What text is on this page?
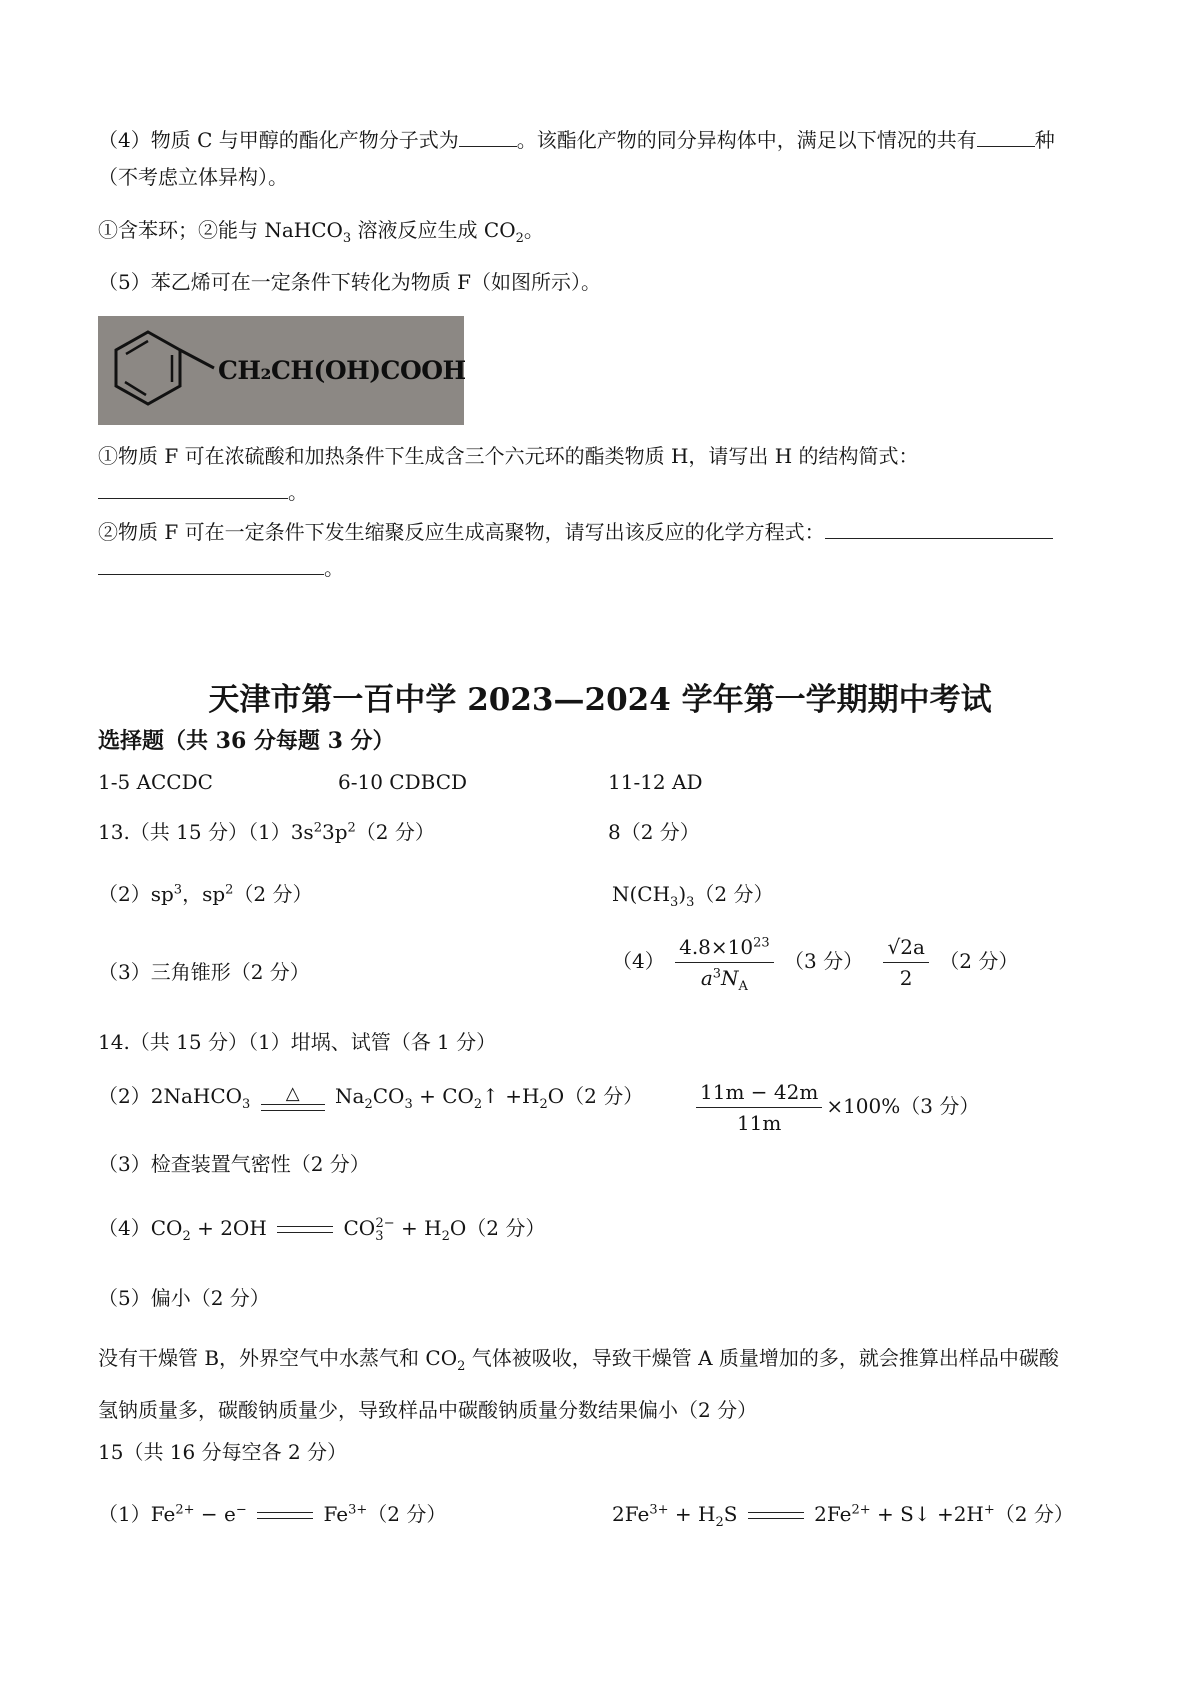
（4）物质 C 与甲醇的酯化产物分子式为	。该酯化产物的同分异构体中，满足以下情况的共有	种
（不考虑立体异构）。
①含苯环；②能与 NaHCO$_3$ 溶液反应生成 $CO_2$。
（5）苯乙烯可在一定条件下转化为物质 F（如图所示）。
CH₂CH(OH)COOH
①物质 F 可在浓硫酸和加热条件下生成含三个六元环的酯类物质 H，请写出 H 的结构简式：
。
②物质 F 可在一定条件下发生缩聚反应生成高聚物，请写出该反应的化学方程式：
。
天津市第一百中学 2023—2024 学年第一学期期中考试
选择题（共 36 分每题 3 分）
1-5 ACCDC	6-10 CDBCD	11-12 AD
13.（共 15 分）$(1)3s^23p^2(2$ 分）	8（2 分）
$(2)sp^3$，$sp^2(2$ 分）	$N(CH_3)_3(2$ 分）
（3）三角锥形（2 分）	$(4) \frac{4.8\times 10^{23}}{a^3N_A} (3$ 分） $\frac{√2a}{2} (2$ 分）
14.（共 15 分）（1）坩埚、试管（各 1 分）
（2）2NaHCO$_3$
△ $Na_2CO_3$ + $CO_2↑ +H_2O(2$ 分）	$\frac{11m - 42m}{11m} \times 100\%(3$ 分）
（3）检查装置气密性（2 分）
$(4)CO_2 + 2OH$	$CO_3^{2-} + H_2O(2$ 分）
（5）偏小（2 分）
没有干燥管 B，外界空气中水蒸气和 $CO_2$ 气体被吸收，导致干燥管 A 质量增加的多，就会推算出样品中碳酸
氢钠质量多，碳酸钠质量少，导致样品中碳酸钠质量分数结果偏小（2 分）
15（共 16 分每空各 2 分）
$(1)Fe^{2+} - e^-$	$Fe^{3+}(2$ 分）	$2Fe^{3+} + H_2S$	$2Fe^{2+}$ + S↓ +2H+（2 分）
